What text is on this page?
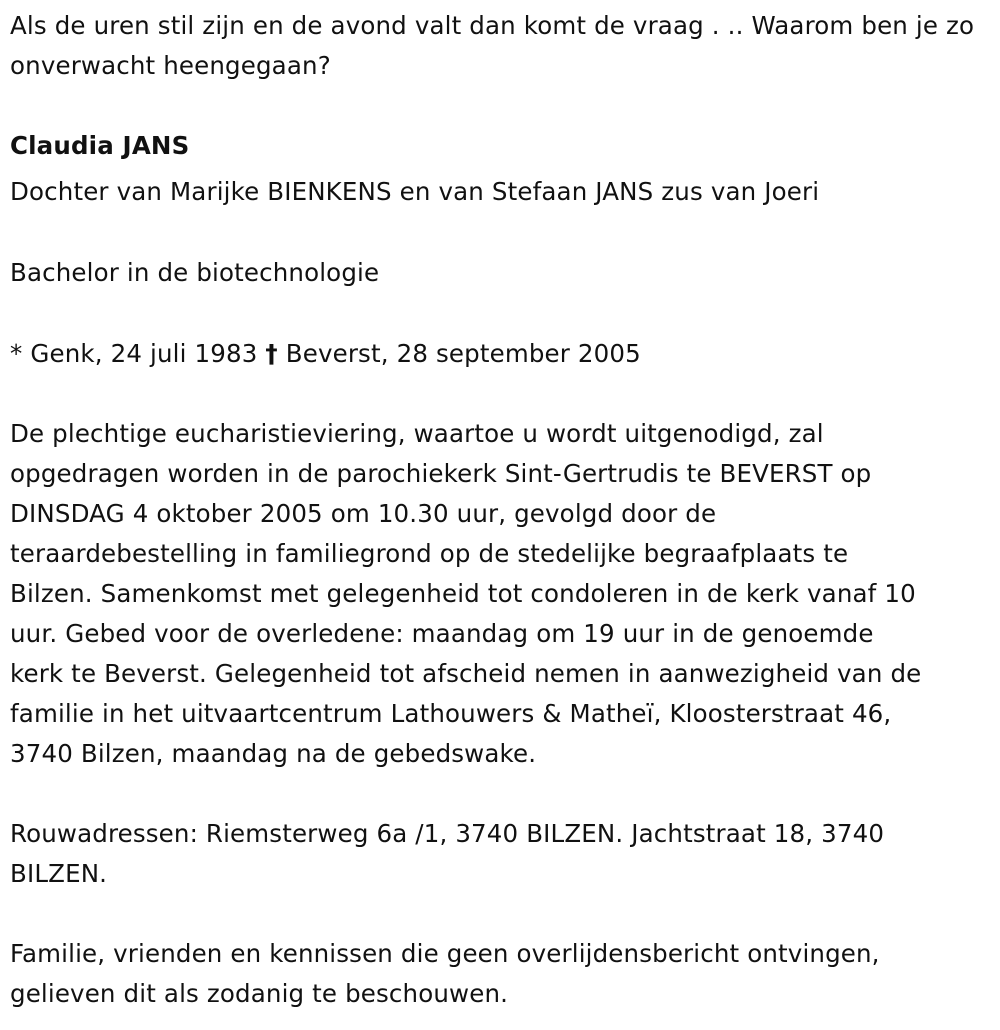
Als de uren stil zijn en de avond valt dan komt de vraag . .. Waarom ben je zo onverwacht heengegaan?
Claudia JANS
Dochter van Marijke BIENKENS en van Stefaan JANS zus van Joeri
Bachelor in de biotechnologie
* Genk, 24 juli 1983 † Beverst, 28 september 2005
De plechtige eucharistieviering, waartoe u wordt uitgenodigd, zal
opgedragen worden in de parochiekerk Sint-Gertrudis te BEVERST op
DINSDAG 4 oktober 2005 om 10.30 uur, gevolgd door de
teraardebestelling in familiegrond op de stedelijke begraafplaats te
Bilzen. Samenkomst met gelegenheid tot condoleren in de kerk vanaf 10
uur. Gebed voor de overledene: maandag om 19 uur in de genoemde
kerk te Beverst. Gelegenheid tot afscheid nemen in aanwezigheid van de
familie in het uitvaartcentrum Lathouwers & Matheï, Kloosterstraat 46,
3740 Bilzen, maandag na de gebedswake.
Rouwadressen: Riemsterweg 6a /1, 3740 BILZEN. Jachtstraat 18, 3740
BILZEN.
Familie, vrienden en kennissen die geen overlijdensbericht ontvingen,
gelieven dit als zodanig te beschouwen.
